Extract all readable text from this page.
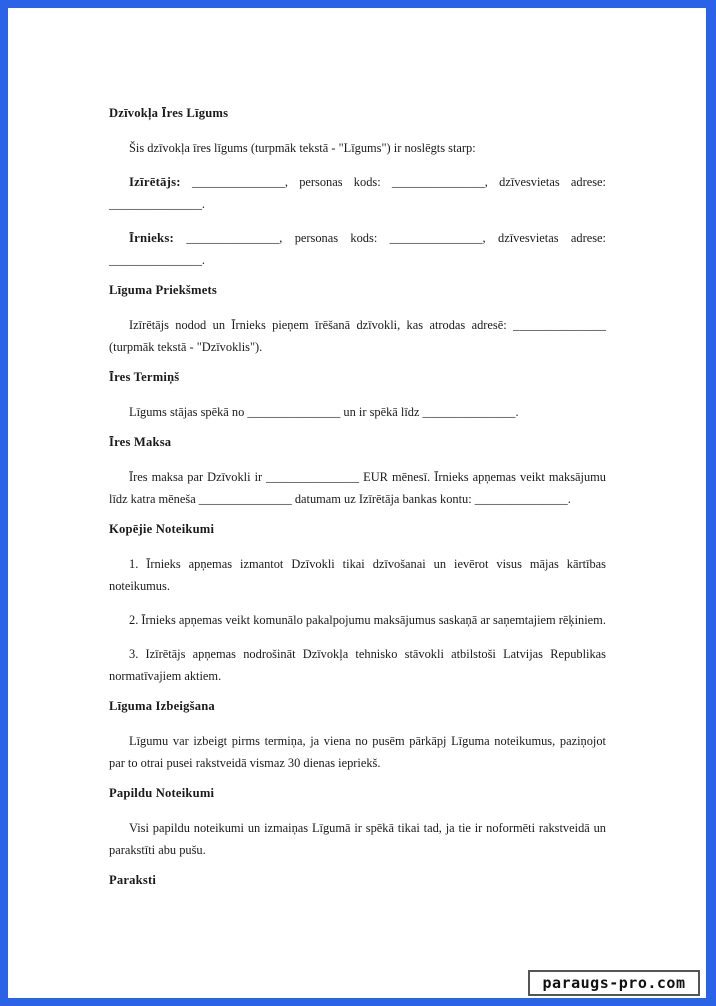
Dzīvokļa Īres Līgums

Šis dzīvokļa īres līgums (turpmāk tekstā - "Līgums") ir noslēgts starp:

Izīrētājs: _______________, personas kods: _______________, dzīvesvietas adrese: _______________.

Īrnieks: _______________, personas kods: _______________, dzīvesvietas adrese: _______________.

Līguma Priekšmets

Izīrētājs nodod un Īrnieks pieņem īrēšanā dzīvokli, kas atrodas adresē: _______________ (turpmāk tekstā - "Dzīvoklis").

Īres Termiņš

Līgums stājas spēkā no _______________ un ir spēkā līdz _______________.

Īres Maksa

Īres maksa par Dzīvokli ir _______________ EUR mēnesī. Īrnieks apņemas veikt maksājumu līdz katra mēneša _______________ datumam uz Izīrētāja bankas kontu: _______________.

Kopējie Noteikumi

1. Īrnieks apņemas izmantot Dzīvokli tikai dzīvošanai un ievērot visus mājas kārtības noteikumus.

2. Īrnieks apņemas veikt komunālo pakalpojumu maksājumus saskaņā ar saņemtajiem rēķiniem.

3. Izīrētājs apņemas nodrošināt Dzīvokļa tehnisko stāvokli atbilstoši Latvijas Republikas normatīvajiem aktiem.

Līguma Izbeigšana

Līgumu var izbeigt pirms termiņa, ja viena no pusēm pārkāpj Līguma noteikumus, paziņojot par to otrai pusei rakstveidā vismaz 30 dienas iepriekš.

Papildu Noteikumi

Visi papildu noteikumi un izmaiņas Līgumā ir spēkā tikai tad, ja tie ir noformēti rakstveidā un parakstīti abu pušu.

Paraksti
paraugs-pro.com
